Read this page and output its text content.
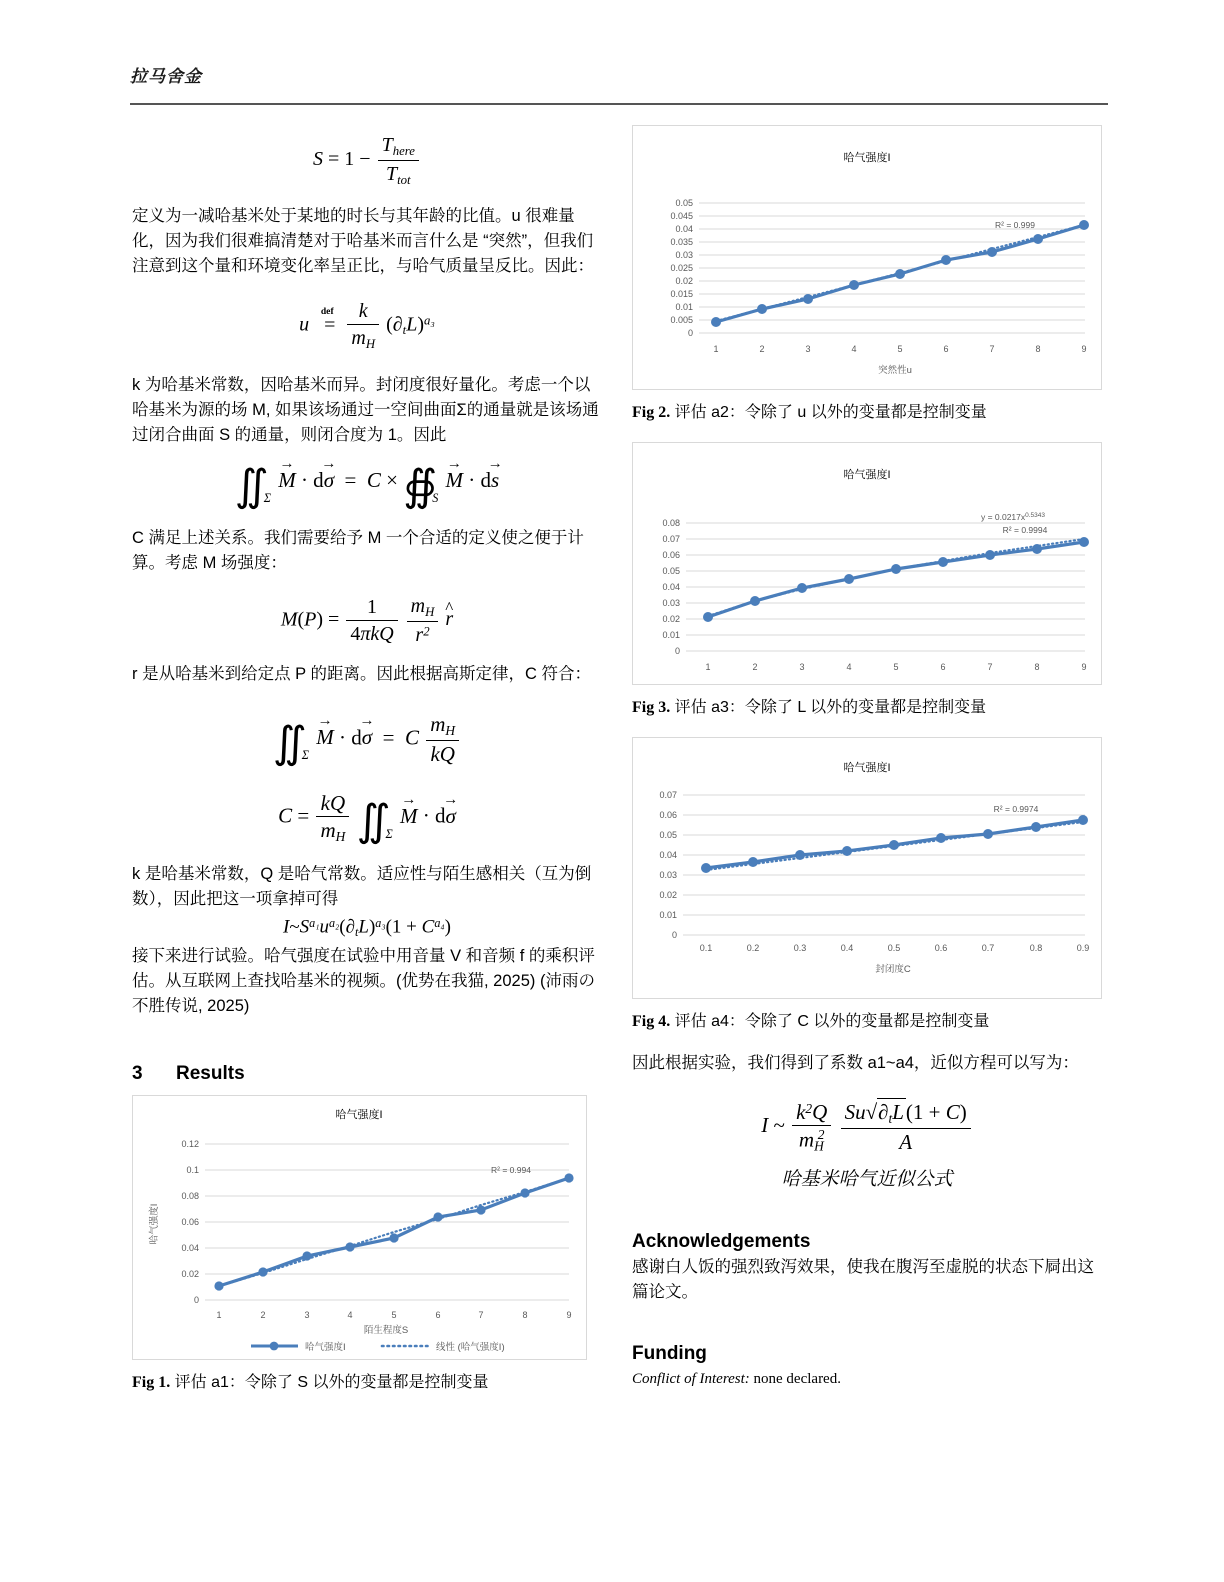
拉马舍金
$S = 1 - \frac{T_{here}}{T_{tot}}$

定义为一减哈基米处于某地的时长与其年龄的比值。u 很难量化，因为我们很难搞清楚对于哈基米而言什么是 “突然”，但我们注意到这个量和环境变化率呈正比，与哈气质量呈反比。因此：

u  =
def
$\frac{k}{m_H} (\partial_tL)^{a_3}$

k 为哈基米常数，因哈基米而异。封闭度很好量化。考虑一个以哈基米为源的场 M, 如果该场通过一空间曲面Σ的通量就是该场通过闭合曲面 S 的通量，则闭合度为 1。因此

∬Σ M → · dσ →  =  C × ∯S M → · ds →

C 满足上述关系。我们需要给予 M 一个合适的定义使之便于计算。考虑 M 场强度：

$M(P) = \frac{1}{\text{4πkQ}}$
$\frac{m_H}{r^2}$ r ^

r 是从哈基米到给定点 P 的距离。因此根据高斯定律，C 符合：

∬Σ M → · dσ →  =  C $\frac{m_H}{kQ}$
$C = \frac{kQ}{m_H}$ ∬Σ M → · dσ →

k 是哈基米常数，Q 是哈气常数。适应性与陌生感相关（互为倒数），因此把这一项拿掉可得

$I\sim S^{a_1}u^{a_2}(\partial_tL)^{a_3}(1 + C^{a_4})$

接下来进行试验。哈气强度在试验中用音量 V 和音频 f 的乘积评估。从互联网上查找哈基米的视频。(优势在我猫, 2025) (沛雨の不胜传说, 2025)

3 Results
哈气强度I
0
0.02
0.04
0.06
0.08
0.1
0.12
哈气强度I
R² = 0.994
1	2	3	4	5	6	7	8	9
陌生程度S
哈气强度I	线性 (哈气强度I)
Fig 1. 评估 a1：令除了 S 以外的变量都是控制变量
哈气强度I
0
0.005
0.01
0.015
0.02
0.025
0.03
0.035
0.04
0.045
0.05
R² = 0.999
1	2	3	4	5	6	7	8	9
突然性u
Fig 2. 评估 a2：令除了 u 以外的变量都是控制变量
哈气强度I
0
0.01
0.02
0.03
0.04
0.05
0.06
0.07
0.08
$y = 0.0217x^{0.5343}$
R² = 0.9994
1	2	3	4	5	6	7	8	9
Fig 3. 评估 a3：令除了 L 以外的变量都是控制变量
哈气强度I
0
0.01
0.02
0.03
0.04
0.05
0.06
0.07
R² = 0.9974
0.1	0.2	0.3	0.4	0.5	0.6	0.7	0.8	0.9
封闭度C
Fig 4. 评估 a4：令除了 C 以外的变量都是控制变量

因此根据实验，我们得到了系数 a1~a4，近似方程可以写为：

I ~ $\frac{k^2Q}{m_H^2}$
$\frac{Su√\partial_tL(1 + C)}{A}$
哈基米哈气近似公式
Acknowledgements

感谢白人饭的强烈致泻效果，使我在腹泻至虚脱的状态下屙出这篇论文。

Funding

Conflict of Interest: none declared.
